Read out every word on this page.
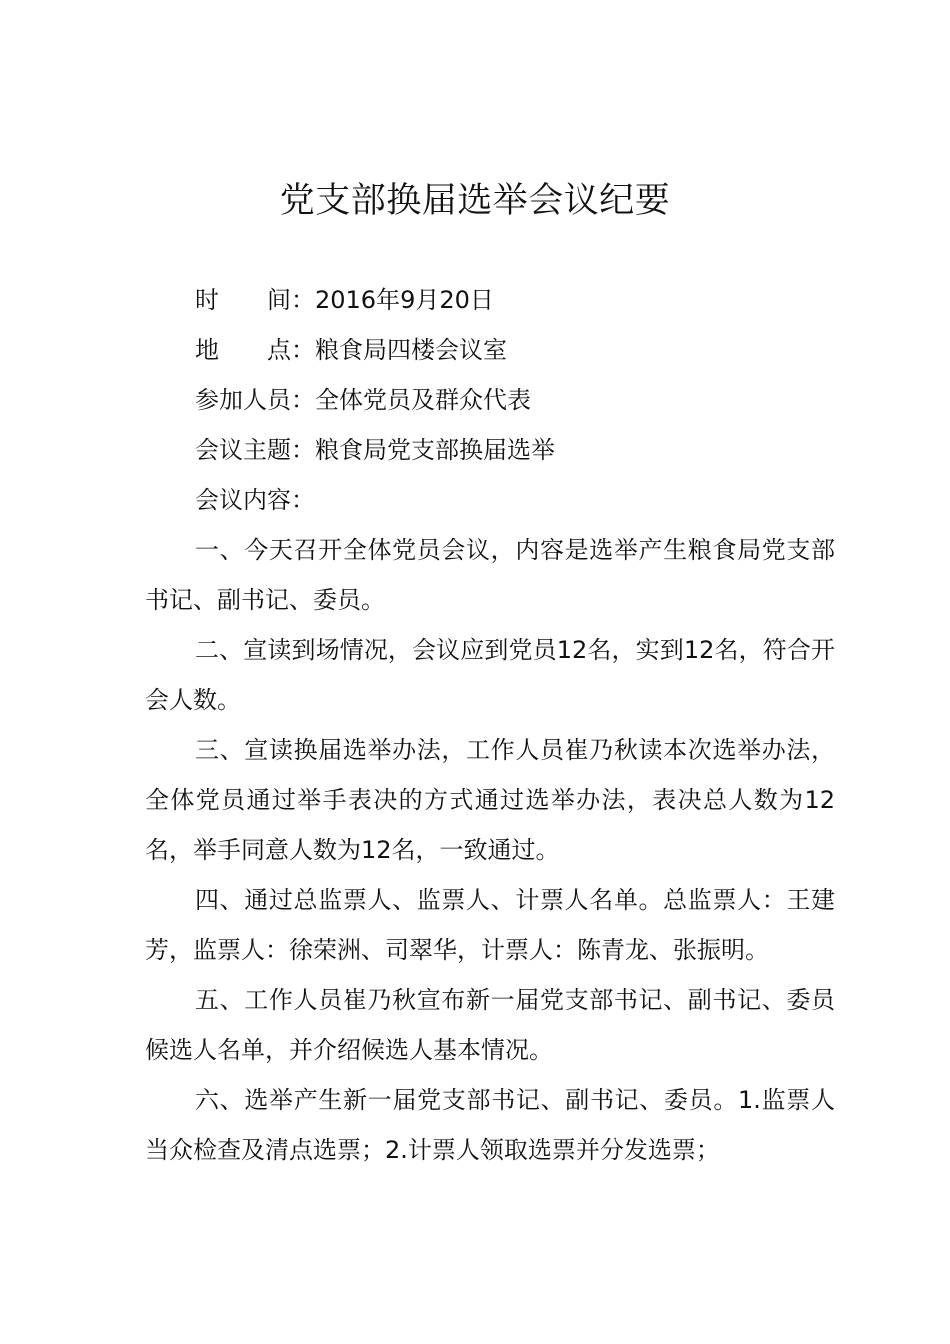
党支部换届选举会议纪要
时 间 ：2016年9月20日
地 点 ：粮食局四楼会议室
参加人员：全体党员及群众代表
会议主题：粮食局党支部换届选举
会议内容：

一、今天召开全体党员会议，内容是选举产生粮食局党支部书记、副书记、委员。

二、宣读到场情况，会议应到党员12名，实到12名，符合开会人数。

三、宣读换届选举办法，工作人员崔乃秋读本次选举办法，全体党员通过举手表决的方式通过选举办法，表决总人数为12名，举手同意人数为12名，一致通过。

四、通过总监票人、监票人、计票人名单。总监票人：王建芳，监票人：徐荣洲、司翠华，计票人：陈青龙、张振明。

五、工作人员崔乃秋宣布新一届党支部书记、副书记、委员候选人名单，并介绍候选人基本情况。

六、选举产生新一届党支部书记、副书记、委员。1.监票人当众检查及清点选票；2.计票人领取选票并分发选票；
